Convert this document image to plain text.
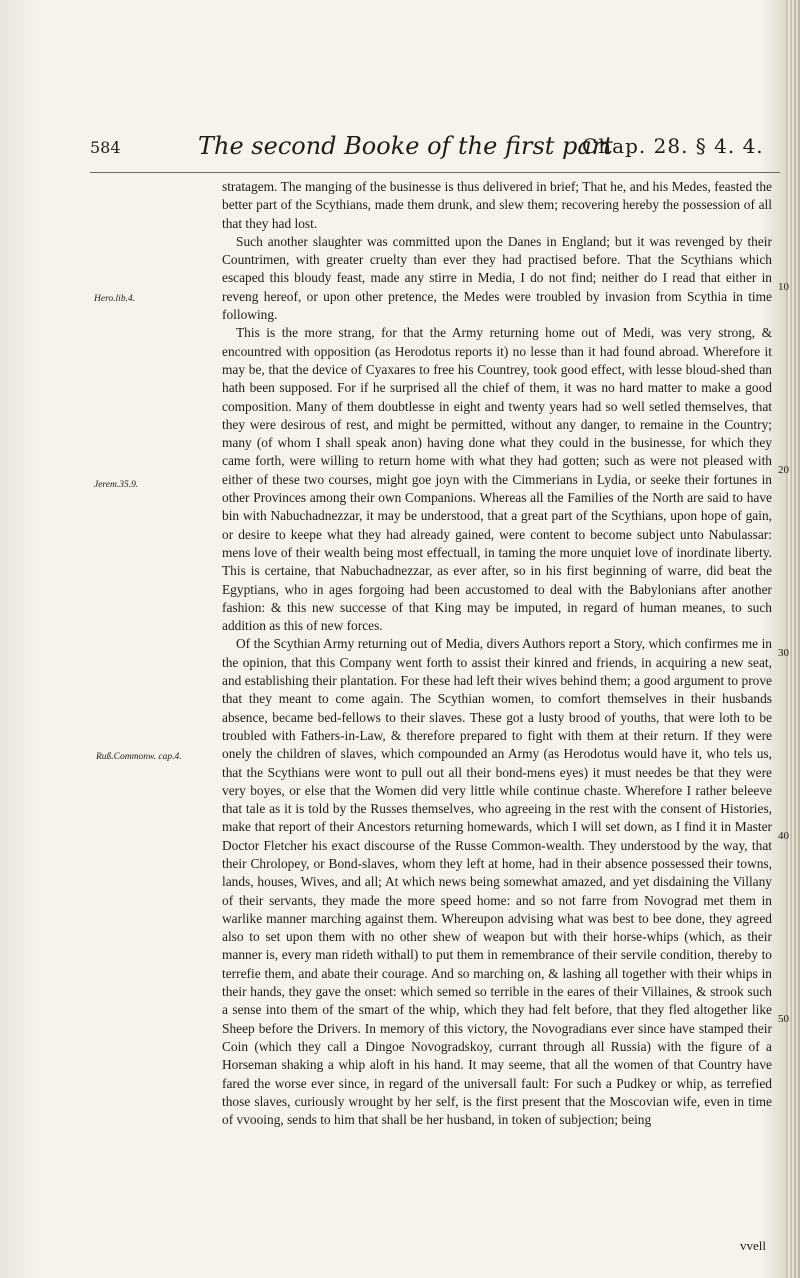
584	The second Booke of the first part
Chap. 28. § 4. 4.
Hero.lib.4.
Jerem.35.9.
Ruß.Commonw. cap.4.
10
20
30
40
50

stratagem. The manging of the businesse is thus delivered in brief; That he, and his Medes, feasted the better part of the Scythians, made them drunk, and slew them; recovering hereby the possession of all that they had lost.

Such another slaughter was committed upon the Danes in England; but it was revenged by their Countrimen, with greater cruelty than ever they had practised before. That the Scythians which escaped this bloudy feast, made any stirre in Media, I do not find; neither do I read that either in reveng hereof, or upon other pretence, the Medes were troubled by invasion from Scythia in time following.

This is the more strang, for that the Army returning home out of Medi, was very strong, & encountred with opposition (as Herodotus reports it) no lesse than it had found abroad. Wherefore it may be, that the device of Cyaxares to free his Countrey, took good effect, with lesse bloud-shed than hath been supposed. For if he surprised all the chief of them, it was no hard matter to make a good composition. Many of them doubtlesse in eight and twenty years had so well setled themselves, that they were desirous of rest, and might be permitted, without any danger, to remaine in the Country; many (of whom I shall speak anon) having done what they could in the businesse, for which they came forth, were willing to return home with what they had gotten; such as were not pleased with either of these two courses, might goe joyn with the Cimmerians in Lydia, or seeke their fortunes in other Provinces among their own Companions. Whereas all the Families of the North are said to have bin with Nabuchadnezzar, it may be understood, that a great part of the Scythians, upon hope of gain, or desire to keepe what they had already gained, were content to become subject unto Nabulassar: mens love of their wealth being most effectuall, in taming the more unquiet love of inordinate liberty. This is certaine, that Nabuchadnezzar, as ever after, so in his first beginning of warre, did beat the Egyptians, who in ages forgoing had been accustomed to deal with the Babylonians after another fashion: & this new successe of that King may be imputed, in regard of human meanes, to such addition as this of new forces.

Of the Scythian Army returning out of Media, divers Authors report a Story, which confirmes me in the opinion, that this Company went forth to assist their kinred and friends, in acquiring a new seat, and establishing their plantation. For these had left their wives behind them; a good argument to prove that they meant to come again. The Scythian women, to comfort themselves in their husbands absence, became bed-fellows to their slaves. These got a lusty brood of youths, that were loth to be troubled with Fathers-in-Law, & therefore prepared to fight with them at their return. If they were onely the children of slaves, which compounded an Army (as Herodotus would have it, who tels us, that the Scythians were wont to pull out all their bond-mens eyes) it must needes be that they were very boyes, or else that the Women did very little while continue chaste. Wherefore I rather beleeve that tale as it is told by the Russes themselves, who agreeing in the rest with the consent of Histories, make that report of their Ancestors returning homewards, which I will set down, as I find it in Master Doctor Fletcher his exact discourse of the Russe Common-wealth. They understood by the way, that their Chrolopey, or Bond-slaves, whom they left at home, had in their absence possessed their towns, lands, houses, Wives, and all; At which news being somewhat amazed, and yet disdaining the Villany of their servants, they made the more speed home: and so not farre from Novograd met them in warlike manner marching against them. Whereupon advising what was best to bee done, they agreed also to set upon them with no other shew of weapon but with their horse-whips (which, as their manner is, every man rideth withall) to put them in remembrance of their servile condition, thereby to terrefie them, and abate their courage. And so marching on, & lashing all together with their whips in their hands, they gave the onset: which semed so terrible in the eares of their Villaines, & strook such a sense into them of the smart of the whip, which they had felt before, that they fled altogether like Sheep before the Drivers. In memory of this victory, the Novogradians ever since have stamped their Coin (which they call a Dingoe Novogradskoy, currant through all Russia) with the figure of a Horseman shaking a whip aloft in his hand. It may seeme, that all the women of that Country have fared the worse ever since, in regard of the universall fault: For such a Pudkey or whip, as terrefied those slaves, curiously wrought by her self, is the first present that the Moscovian wife, even in time of vvooing, sends to him that shall be her husband, in token of subjection; being

vvell
